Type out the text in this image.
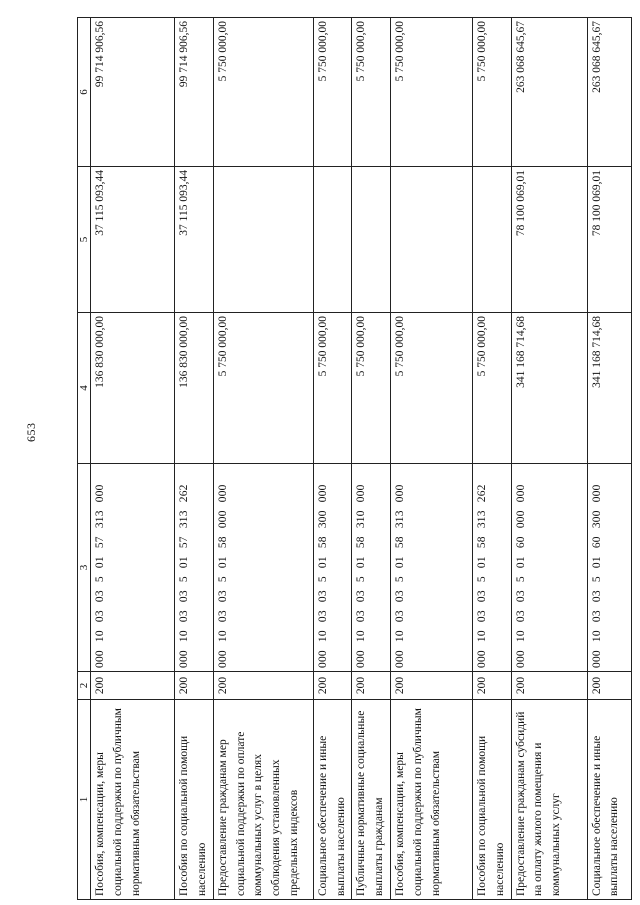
653
1	2	3	4	5	6
Пособия, компенсации, меры социальной поддержки по публичным нормативным обязательствам	200	000 10 03 03 5 01 57 313 000	136 830 000,00	37 115 093,44	99 714 906,56
Пособия по социальной помощи населению	200	000 10 03 03 5 01 57 313 262	136 830 000,00	37 115 093,44	99 714 906,56
Предоставление гражданам мер социальной поддержки по оплате коммунальных услуг в целях соблюдения установленных предельных индексов	200	000 10 03 03 5 01 58 000 000	5 750 000,00		5 750 000,00
Социальное обеспечение и иные выплаты населению	200	000 10 03 03 5 01 58 300 000	5 750 000,00		5 750 000,00
Публичные нормативные социальные выплаты гражданам	200	000 10 03 03 5 01 58 310 000	5 750 000,00		5 750 000,00
Пособия, компенсации, меры социальной поддержки по публичным нормативным обязательствам	200	000 10 03 03 5 01 58 313 000	5 750 000,00		5 750 000,00
Пособия по социальной помощи населению	200	000 10 03 03 5 01 58 313 262	5 750 000,00		5 750 000,00
Предоставление гражданам субсидий на оплату жилого помещения и коммунальных услуг	200	000 10 03 03 5 01 60 000 000	341 168 714,68	78 100 069,01	263 068 645,67
Социальное обеспечение и иные выплаты населению	200	000 10 03 03 5 01 60 300 000	341 168 714,68	78 100 069,01	263 068 645,67
